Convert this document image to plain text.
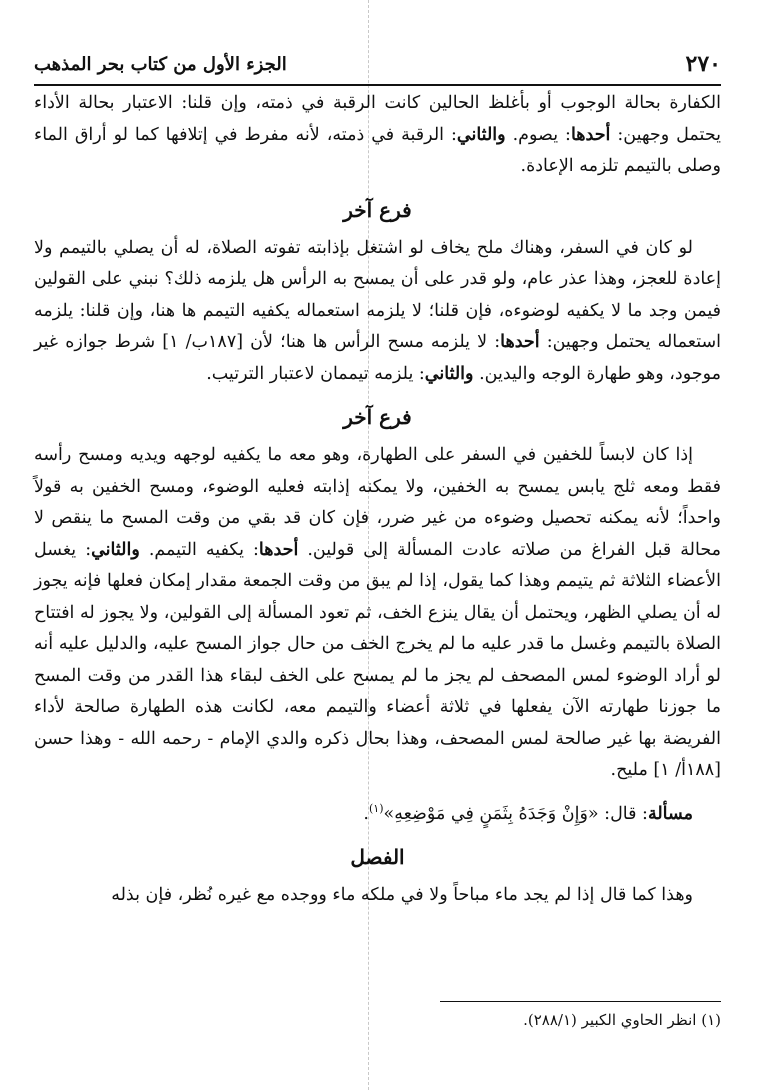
٢٧٠
الجزء الأول من كتاب بحر المذهب

الكفارة بحالة الوجوب أو بأغلظ الحالين كانت الرقبة في ذمته، وإن قلنا: الاعتبار بحالة الأداء يحتمل وجهين: أحدها: يصوم. والثاني: الرقبة في ذمته، لأنه مفرط في إتلافها كما لو أراق الماء وصلى بالتيمم تلزمه الإعادة.

فرع آخر

لو كان في السفر، وهناك ملح يخاف لو اشتغل بإذابته تفوته الصلاة، له أن يصلي بالتيمم ولا إعادة للعجز، وهذا عذر عام، ولو قدر على أن يمسح به الرأس هل يلزمه ذلك؟ نبني على القولين فيمن وجد ما لا يكفيه لوضوءه، فإن قلنا؛ لا يلزمه استعماله يكفيه التيمم ها هنا، وإن قلنا: يلزمه استعماله يحتمل وجهين: أحدها: لا يلزمه مسح الرأس ها هنا؛ لأن [١٨٧ب/ ١] شرط جوازه غير موجود، وهو طهارة الوجه واليدين. والثاني: يلزمه تيممان لاعتبار الترتيب.

فرع آخر

إذا كان لابساً للخفين في السفر على الطهارة، وهو معه ما يكفيه لوجهه ويديه ومسح رأسه فقط ومعه ثلج يابس يمسح به الخفين، ولا يمكنه إذابته فعليه الوضوء، ومسح الخفين به قولاً واحداً؛ لأنه يمكنه تحصيل وضوءه من غير ضرر، فإن كان قد بقي من وقت المسح ما ينقص لا محالة قبل الفراغ من صلاته عادت المسألة إلى قولين. أحدها: يكفيه التيمم. والثاني: يغسل الأعضاء الثلاثة ثم يتيمم وهذا كما يقول، إذا لم يبق من وقت الجمعة مقدار إمكان فعلها فإنه يجوز له أن يصلي الظهر، ويحتمل أن يقال ينزع الخف، ثم تعود المسألة إلى القولين، ولا يجوز له افتتاح الصلاة بالتيمم وغسل ما قدر عليه ما لم يخرج الخف من حال جواز المسح عليه، والدليل عليه أنه لو أراد الوضوء لمس المصحف لم يجز ما لم يمسح على الخف لبقاء هذا القدر من وقت المسح ما جوزنا طهارته الآن يفعلها في ثلاثة أعضاء والتيمم معه، لكانت هذه الطهارة صالحة لأداء الفريضة بها غير صالحة لمس المصحف، وهذا بحال ذكره والدي الإمام - رحمه الله - وهذا حسن [١٨٨أ/ ١] مليح.

مسألة: قال: «وَإِنْ وَجَدَهُ بِثَمَنٍ فِي مَوْضِعِهِ»$^{(١)}$.

الفصل

وهذا كما قال إذا لم يجد ماء مباحاً ولا في ملكه ماء ووجده مع غيره نُظر، فإن بذله

(١) انظر الحاوي الكبير (٢٨٨/١).
